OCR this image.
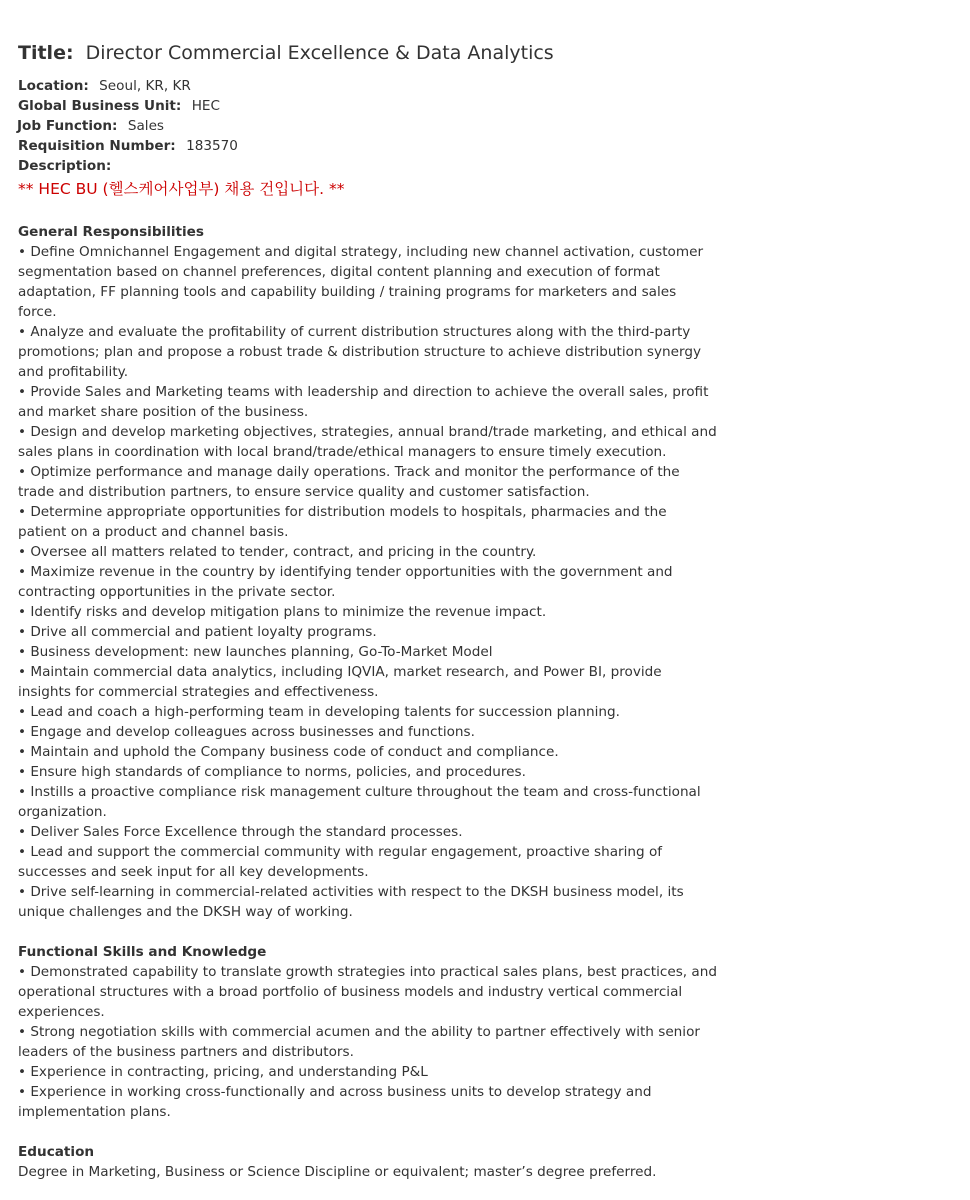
Title: Director Commercial Excellence & Data Analytics
Location: Seoul, KR, KR
Global Business Unit: HEC
Job Function: Sales
Requisition Number: 183570
Description:
** HEC BU (헬스케어사업부) 채용 건입니다. **
General Responsibilities
• Define Omnichannel Engagement and digital strategy, including new channel activation, customer segmentation based on channel preferences, digital content planning and execution of format adaptation, FF planning tools and capability building / training programs for marketers and sales force.
• Analyze and evaluate the profitability of current distribution structures along with the third-party promotions; plan and propose a robust trade & distribution structure to achieve distribution synergy and profitability.
• Provide Sales and Marketing teams with leadership and direction to achieve the overall sales, profit and market share position of the business.
• Design and develop marketing objectives, strategies, annual brand/trade marketing, and ethical and sales plans in coordination with local brand/trade/ethical managers to ensure timely execution.
• Optimize performance and manage daily operations. Track and monitor the performance of the trade and distribution partners, to ensure service quality and customer satisfaction.
• Determine appropriate opportunities for distribution models to hospitals, pharmacies and the patient on a product and channel basis.
• Oversee all matters related to tender, contract, and pricing in the country.
• Maximize revenue in the country by identifying tender opportunities with the government and contracting opportunities in the private sector.
• Identify risks and develop mitigation plans to minimize the revenue impact.
• Drive all commercial and patient loyalty programs.
• Business development: new launches planning, Go-To-Market Model
• Maintain commercial data analytics, including IQVIA, market research, and Power BI, provide insights for commercial strategies and effectiveness.
• Lead and coach a high-performing team in developing talents for succession planning.
• Engage and develop colleagues across businesses and functions.
• Maintain and uphold the Company business code of conduct and compliance.
• Ensure high standards of compliance to norms, policies, and procedures.
• Instills a proactive compliance risk management culture throughout the team and cross-functional organization.
• Deliver Sales Force Excellence through the standard processes.
• Lead and support the commercial community with regular engagement, proactive sharing of successes and seek input for all key developments.
• Drive self-learning in commercial-related activities with respect to the DKSH business model, its unique challenges and the DKSH way of working.
Functional Skills and Knowledge
• Demonstrated capability to translate growth strategies into practical sales plans, best practices, and operational structures with a broad portfolio of business models and industry vertical commercial experiences.
• Strong negotiation skills with commercial acumen and the ability to partner effectively with senior leaders of the business partners and distributors.
• Experience in contracting, pricing, and understanding P&L
• Experience in working cross-functionally and across business units to develop strategy and implementation plans.
Education

Degree in Marketing, Business or Science Discipline or equivalent; master’s degree preferred.
